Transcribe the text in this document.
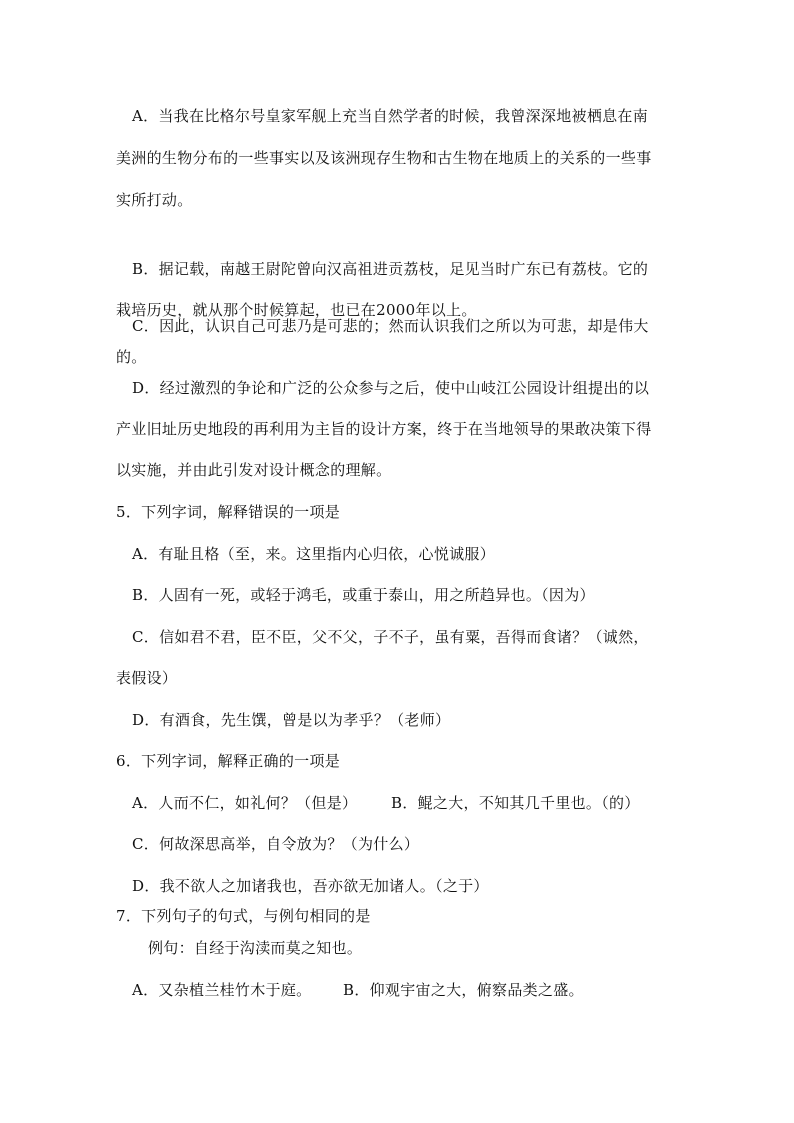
A．当我在比格尔号皇家军舰上充当自然学者的时候，我曾深深地被栖息在南
美洲的生物分布的一些事实以及该洲现存生物和古生物在地质上的关系的一些事
实所打动。
B．据记载，南越王尉陀曾向汉高祖进贡荔枝，足见当时广东已有荔枝。它的
栽培历史，就从那个时候算起，也已在2000年以上。
C．因此，认识自己可悲乃是可悲的；然而认识我们之所以为可悲，却是伟大
的。
D．经过激烈的争论和广泛的公众参与之后，使中山岐江公园设计组提出的以
产业旧址历史地段的再利用为主旨的设计方案，终于在当地领导的果敢决策下得
以实施，并由此引发对设计概念的理解。
5．下列字词，解释错误的一项是
A．有耻且格（至，来。这里指内心归依，心悦诚服）
B．人固有一死，或轻于鸿毛，或重于泰山，用之所趋异也。（因为）
C．信如君不君，臣不臣，父不父，子不子，虽有粟，吾得而食诸？（诚然，
表假设）
D．有酒食，先生馔，曾是以为孝乎？（老师）
6．下列字词，解释正确的一项是
A．人而不仁，如礼何？（但是） B．鲲之大，不知其几千里也。（的）
C．何故深思高举，自令放为？（为什么）
D．我不欲人之加诸我也，吾亦欲无加诸人。（之于）
7．下列句子的句式，与例句相同的是
例句：自经于沟渎而莫之知也。
A．又杂植兰桂竹木于庭。 B．仰观宇宙之大，俯察品类之盛。
